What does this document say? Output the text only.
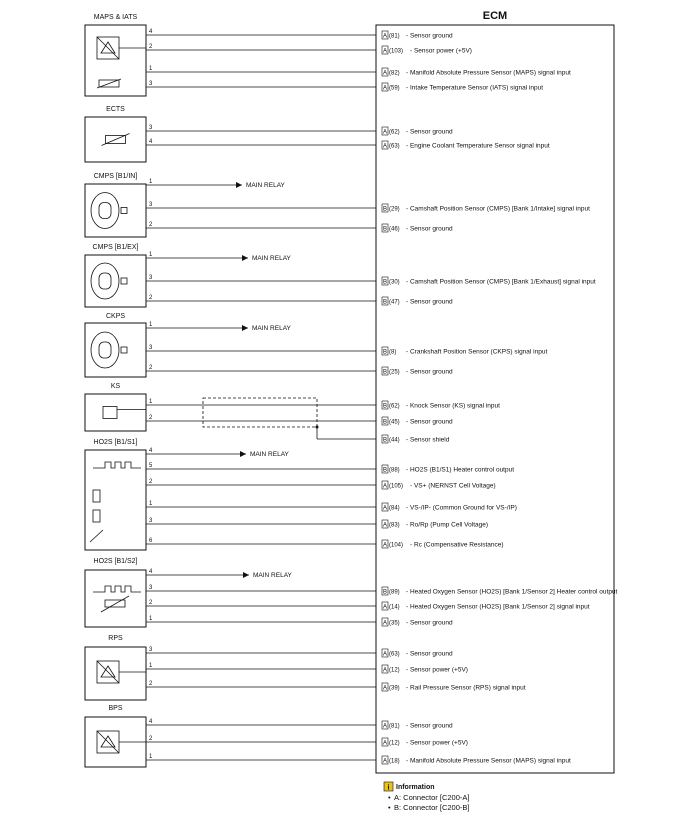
ECM
4
A (81) - Sensor ground
2
A (103) - Sensor power (+5V)
1
A (82) - Manifold Absolute Pressure Sensor (MAPS) signal input
3
A (59) - Intake Temperature Sensor (IATS) signal input
3
A (62) - Sensor ground
4
A (63) - Engine Coolant Temperature Sensor signal input
1	MAIN RELAY
3
B (29) - Camshaft Position Sensor (CMPS) [Bank 1/Intake] signal input
2
B (46) - Sensor ground
1	MAIN RELAY
3
B (30) - Camshaft Position Sensor (CMPS) [Bank 1/Exhaust] signal input
2
B (47) - Sensor ground
1	MAIN RELAY
3
B (8) - Crankshaft Position Sensor (CKPS) signal input
2
B (25) - Sensor ground
1
B (62) - Knock Sensor (KS) signal input
2
B (45) - Sensor ground
B (44) - Sensor shield
4	MAIN RELAY
5
B (88) - HO2S (B1/S1) Heater control output
2
A (105) - VS+ (NERNST Cell Voltage)
1
A (84) - VS-/IP- (Common Ground for VS-/IP)
3
A (83) - Ro/Rp (Pump Cell Voltage)
6
A (104) - Rc (Compensative Resistance)
4	MAIN RELAY
3
B (89) - Heated Oxygen Sensor (HO2S) [Bank 1/Sensor 2] Heater control output
2
A (14) - Heated Oxygen Sensor (HO2S) [Bank 1/Sensor 2] signal input
1
A (35) - Sensor ground
3
A (63) - Sensor ground
1
A (12) - Sensor power (+5V)
2
A (39) - Rail Pressure Sensor (RPS) signal input
4
A (81) - Sensor ground
2
A (12) - Sensor power (+5V)
1
A (18) - Manifold Absolute Pressure Sensor (MAPS) signal input
MAPS & IATS
ECTS
CMPS [B1/IN]
CMPS [B1/EX]
CKPS
KS
HO2S [B1/S1]
HO2S [B1/S2]
RPS
BPS
i Information
• A: Connector [C200-A]
• B: Connector [C200-B]
